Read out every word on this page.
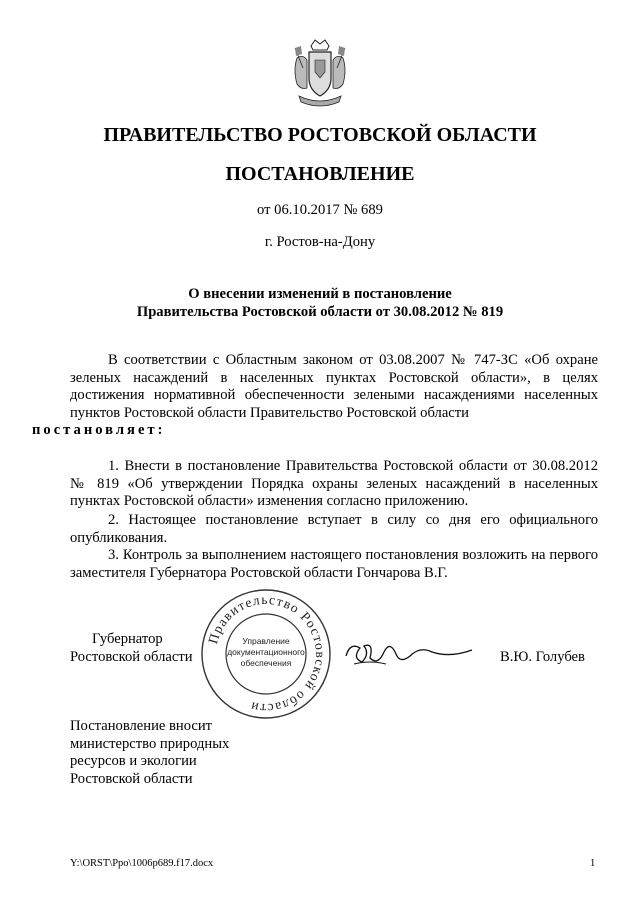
ПРАВИТЕЛЬСТВО РОСТОВСКОЙ ОБЛАСТИ
ПОСТАНОВЛЕНИЕ
от 06.10.2017 № 689
г. Ростов-на-Дону
О внесении изменений в постановление
Правительства Ростовской области от 30.08.2012 № 819
В соответствии с Областным законом от 03.08.2007 № 747-ЗС «Об охране зеленых насаждений в населенных пунктах Ростовской области», в целях достижения нормативной обеспеченности зелеными насаждениями населенных пунктов Ростовской области Правительство Ростовской области
постановляет:
1. Внести в постановление Правительства Ростовской области от 30.08.2012 № 819 «Об утверждении Порядка охраны зеленых насаждений в населенных пунктах Ростовской области» изменения согласно приложению.
2. Настоящее постановление вступает в силу со дня его официального опубликования.
3. Контроль за выполнением настоящего постановления возложить на первого заместителя Губернатора Ростовской области Гончарова В.Г.
Губернатор
Ростовской области
Правительство Ростовской области
Управление
документационного
обеспечения	В.Ю. Голубев
Постановление вносит
министерство природных
ресурсов и экологии
Ростовской области
Y:\ORST\Ppo\1006p689.f17.docx	1
